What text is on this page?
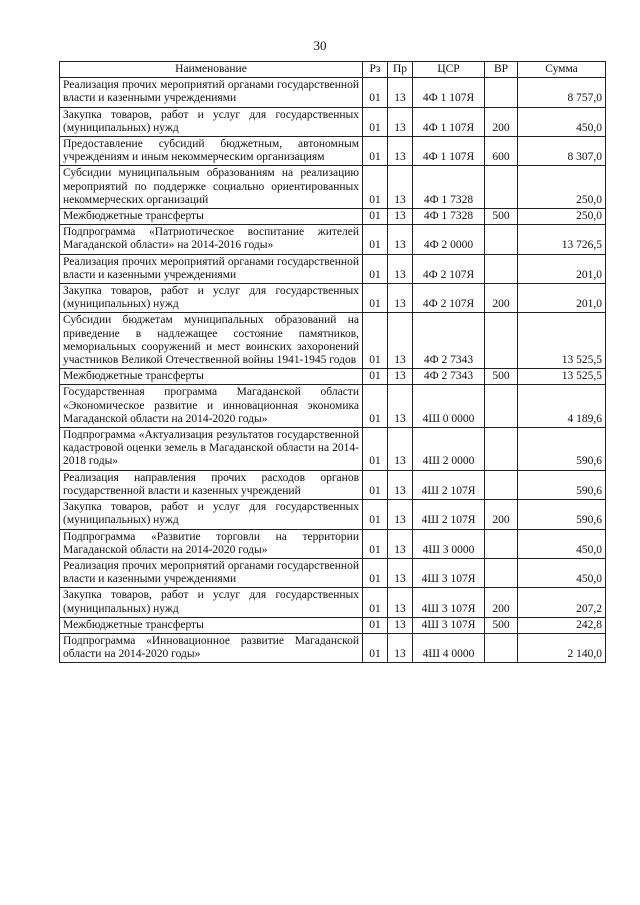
30
Наименование	Рз	Пр	ЦСР	ВР	Сумма
Реализация прочих мероприятий органами государственной власти и казенными учреждениями	01	13	4Ф 1 107Я		8 757,0
Закупка товаров, работ и услуг для государственных (муниципальных) нужд	01	13	4Ф 1 107Я	200	450,0
Предоставление субсидий бюджетным, автономным учреждениям и иным некоммерческим организациям	01	13	4Ф 1 107Я	600	8 307,0
Субсидии муниципальным образованиям на реализацию мероприятий по поддержке социально ориентированных некоммерческих организаций	01	13	4Ф 1 7328		250,0
Межбюджетные трансферты	01	13	4Ф 1 7328	500	250,0
Подпрограмма «Патриотическое воспитание жителей Магаданской области» на 2014-2016 годы»	01	13	4Ф 2 0000		13 726,5
Реализация прочих мероприятий органами государственной власти и казенными учреждениями	01	13	4Ф 2 107Я		201,0
Закупка товаров, работ и услуг для государственных (муниципальных) нужд	01	13	4Ф 2 107Я	200	201,0
Субсидии бюджетам муниципальных образований на приведение в надлежащее состояние памятников, мемориальных сооружений и мест воинских захоронений участников Великой Отечественной войны 1941-1945 годов	01	13	4Ф 2 7343		13 525,5
Межбюджетные трансферты	01	13	4Ф 2 7343	500	13 525,5
Государственная программа Магаданской области «Экономическое развитие и инновационная экономика Магаданской области на 2014-2020 годы»	01	13	4Ш 0 0000		4 189,6
Подпрограмма «Актуализация результатов государственной кадастровой оценки земель в Магаданской области на 2014-2018 годы»	01	13	4Ш 2 0000		590,6
Реализация направления прочих расходов органов государственной власти и казенных учреждений	01	13	4Ш 2 107Я		590,6
Закупка товаров, работ и услуг для государственных (муниципальных) нужд	01	13	4Ш 2 107Я	200	590,6
Подпрограмма «Развитие торговли на территории Магаданской области на 2014-2020 годы»	01	13	4Ш 3 0000		450,0
Реализация прочих мероприятий органами государственной власти и казенными учреждениями	01	13	4Ш 3 107Я		450,0
Закупка товаров, работ и услуг для государственных (муниципальных) нужд	01	13	4Ш 3 107Я	200	207,2
Межбюджетные трансферты	01	13	4Ш 3 107Я	500	242,8
Подпрограмма «Инновационное развитие Магаданской области на 2014-2020 годы»	01	13	4Ш 4 0000		2 140,0
